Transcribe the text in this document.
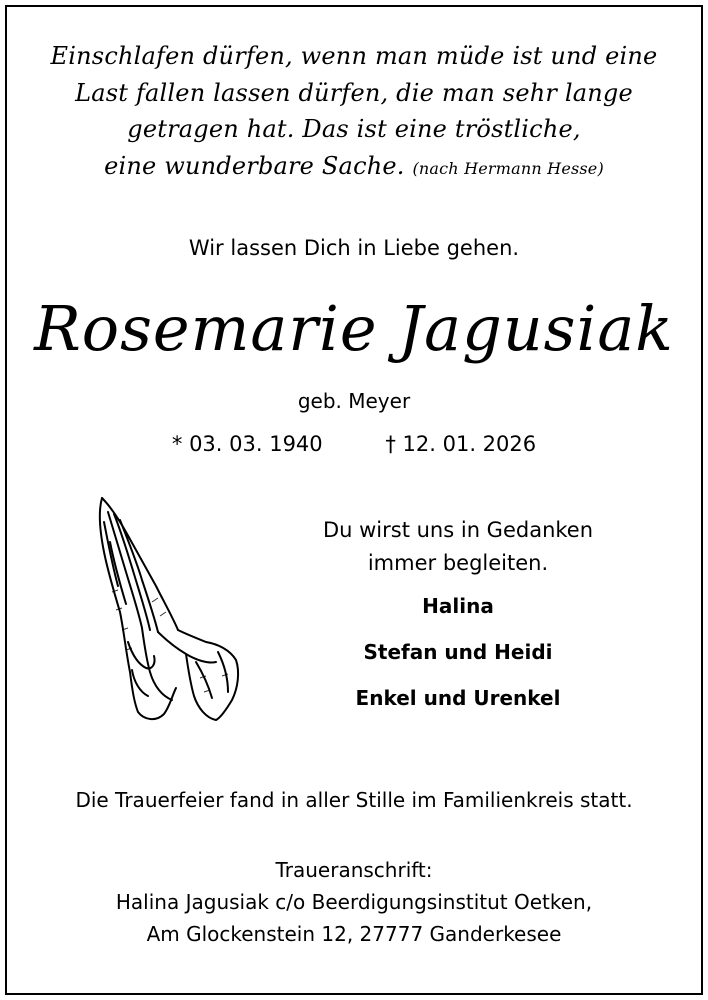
Einschlafen dürfen, wenn man müde ist und eine
Last fallen lassen dürfen, die man sehr lange
getragen hat. Das ist eine tröstliche,
eine wunderbare Sache. (nach Hermann Hesse)
Wir lassen Dich in Liebe gehen.
Rosemarie Jagusiak
geb. Meyer
* 03. 03. 1940	† 12. 01. 2026
Du wirst uns in Gedanken
immer begleiten.
Halina
Stefan und Heidi
Enkel und Urenkel
Die Trauerfeier fand in aller Stille im Familienkreis statt.
Traueranschrift:
Halina Jagusiak c/o Beerdigungsinstitut Oetken,
Am Glockenstein 12, 27777 Ganderkesee
